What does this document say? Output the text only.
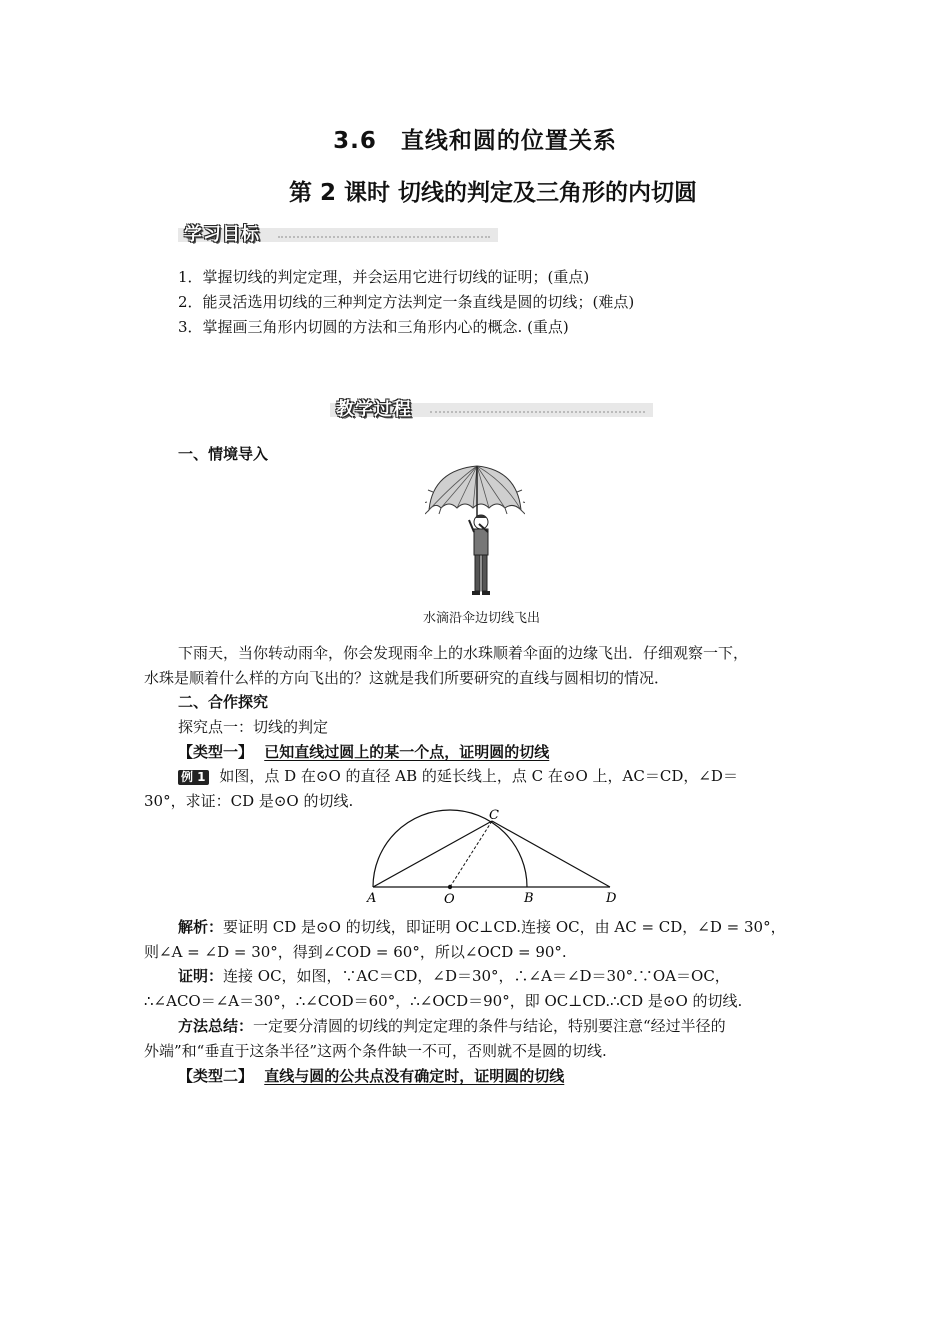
3.6　直线和圆的位置关系
第 2 课时 切线的判定及三角形的内切圆
学习目标
1．掌握切线的判定定理，并会运用它进行切线的证明；(重点)
2．能灵活选用切线的三种判定方法判定一条直线是圆的切线；(难点)
3．掌握画三角形内切圆的方法和三角形内心的概念. (重点)
教学过程
一、情境导入
水滴沿伞边切线飞出
下雨天，当你转动雨伞，你会发现雨伞上的水珠顺着伞面的边缘飞出．仔细观察一下，
水珠是顺着什么样的方向飞出的？这就是我们所要研究的直线与圆相切的情况．
二、合作探究
探究点一：切线的判定
【类型一】 已知直线过圆上的某一个点，证明圆的切线
例 1 如图，点 D 在⊙O 的直径 AB 的延长线上，点 C 在⊙O 上，AC＝CD，∠D＝
30°，求证：CD 是⊙O 的切线.
A	O	B	D
C
解析：要证明 CD 是⊙O 的切线，即证明 OC⊥CD.连接 OC，由 AC = CD，∠D = 30°，
则∠A = ∠D = 30°，得到∠COD = 60°，所以∠OCD = 90°.
证明：连接 OC，如图，∵AC＝CD，∠D＝30°，∴∠A＝∠D＝30°.∵OA＝OC，
∴∠ACO＝∠A＝30°，∴∠COD＝60°，∴∠OCD＝90°，即 OC⊥CD.∴CD 是⊙O 的切线.
方法总结：一定要分清圆的切线的判定定理的条件与结论，特别要注意“经过半径的
外端”和“垂直于这条半径”这两个条件缺一不可，否则就不是圆的切线.
【类型二】 直线与圆的公共点没有确定时，证明圆的切线
